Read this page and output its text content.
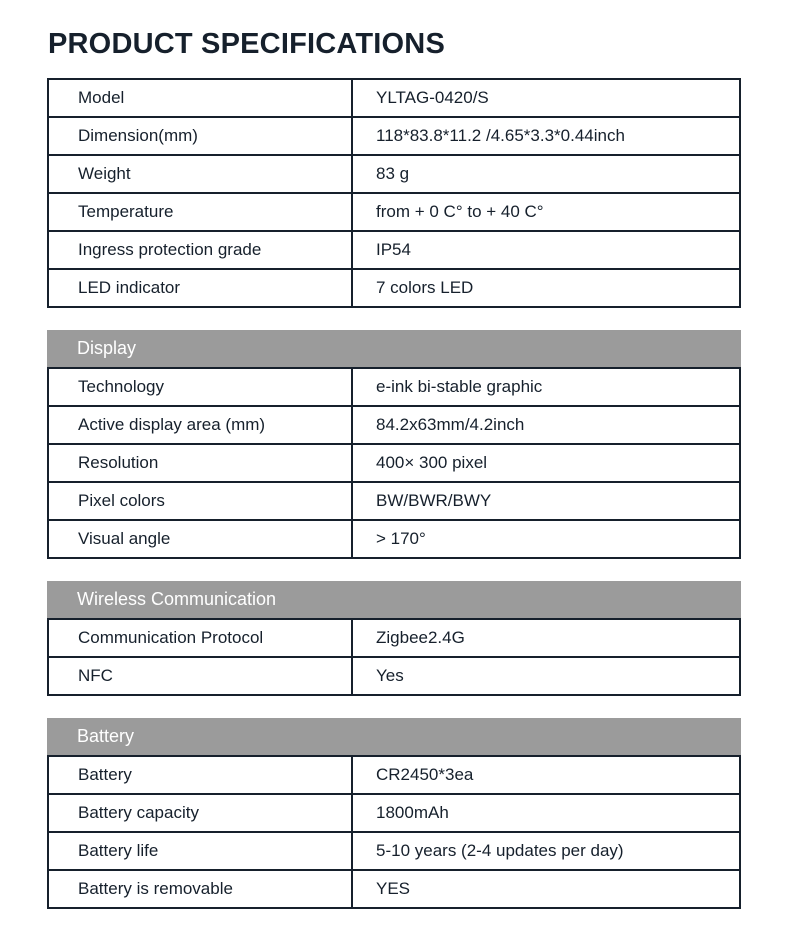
PRODUCT SPECIFICATIONS
Model	YLTAG-0420/S
Dimension(mm)	118*83.8*11.2 /4.65*3.3*0.44inch
Weight	83 g
Temperature	from + 0 C° to + 40 C°
Ingress protection grade	IP54
LED indicator	7 colors LED
Display
Technology	e-ink bi-stable graphic
Active display area (mm)	84.2x63mm/4.2inch
Resolution	400× 300 pixel
Pixel colors	BW/BWR/BWY
Visual angle	> 170°
Wireless Communication
Communication Protocol	Zigbee2.4G
NFC	Yes
Battery
Battery	CR2450*3ea
Battery capacity	1800mAh
Battery life	5-10 years (2-4 updates per day)
Battery is removable	YES
